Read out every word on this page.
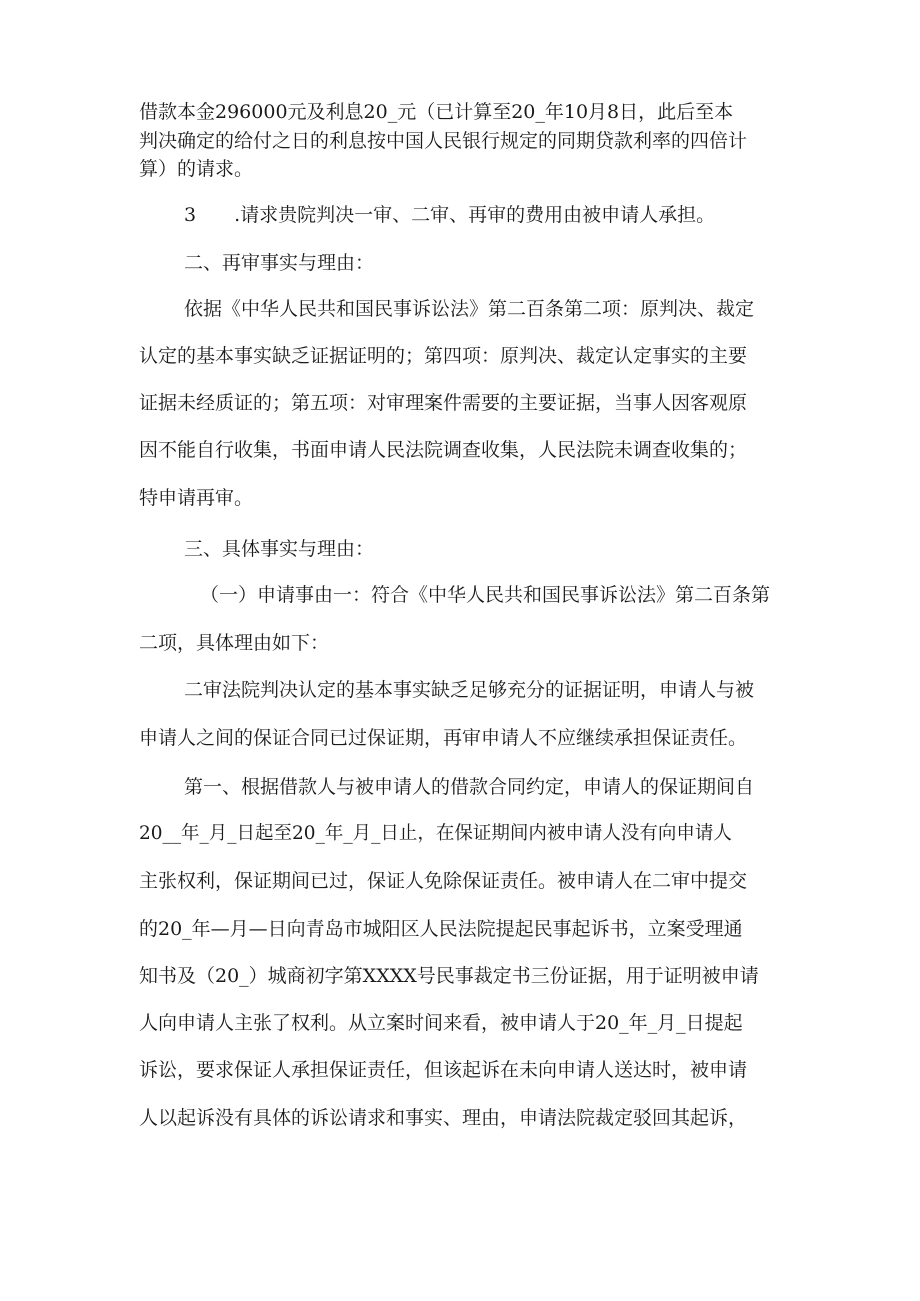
借款本金296000元及利息20_元（已计算至20_年10月8日，此后至本
判决确定的给付之日的利息按中国人民银行规定的同期贷款利率的四倍计
算）的请求。
3　　.请求贵院判决一审、二审、再审的费用由被申请人承担。
二、再审事实与理由：
依据《中华人民共和国民事诉讼法》第二百条第二项：原判决、裁定
认定的基本事实缺乏证据证明的；第四项：原判决、裁定认定事实的主要
证据未经质证的；第五项：对审理案件需要的主要证据，当事人因客观原
因不能自行收集，书面申请人民法院调查收集，人民法院未调查收集的；
特申请再审。
三、具体事实与理由：
（一）申请事由一：符合《中华人民共和国民事诉讼法》第二百条第
二项，具体理由如下：
二审法院判决认定的基本事实缺乏足够充分的证据证明，申请人与被
申请人之间的保证合同已过保证期，再审申请人不应继续承担保证责任。
第一、根据借款人与被申请人的借款合同约定，申请人的保证期间自
20__年_月_日起至20_年_月_日止，在保证期间内被申请人没有向申请人
主张权利，保证期间已过，保证人免除保证责任。被申请人在二审中提交
的20_年—月—日向青岛市城阳区人民法院提起民事起诉书，立案受理通
知书及（20_）城商初字第XXXX号民事裁定书三份证据，用于证明被申请
人向申请人主张了权利。从立案时间来看，被申请人于20_年_月_日提起
诉讼，要求保证人承担保证责任，但该起诉在未向申请人送达时，被申请
人以起诉没有具体的诉讼请求和事实、理由，申请法院裁定驳回其起诉，
